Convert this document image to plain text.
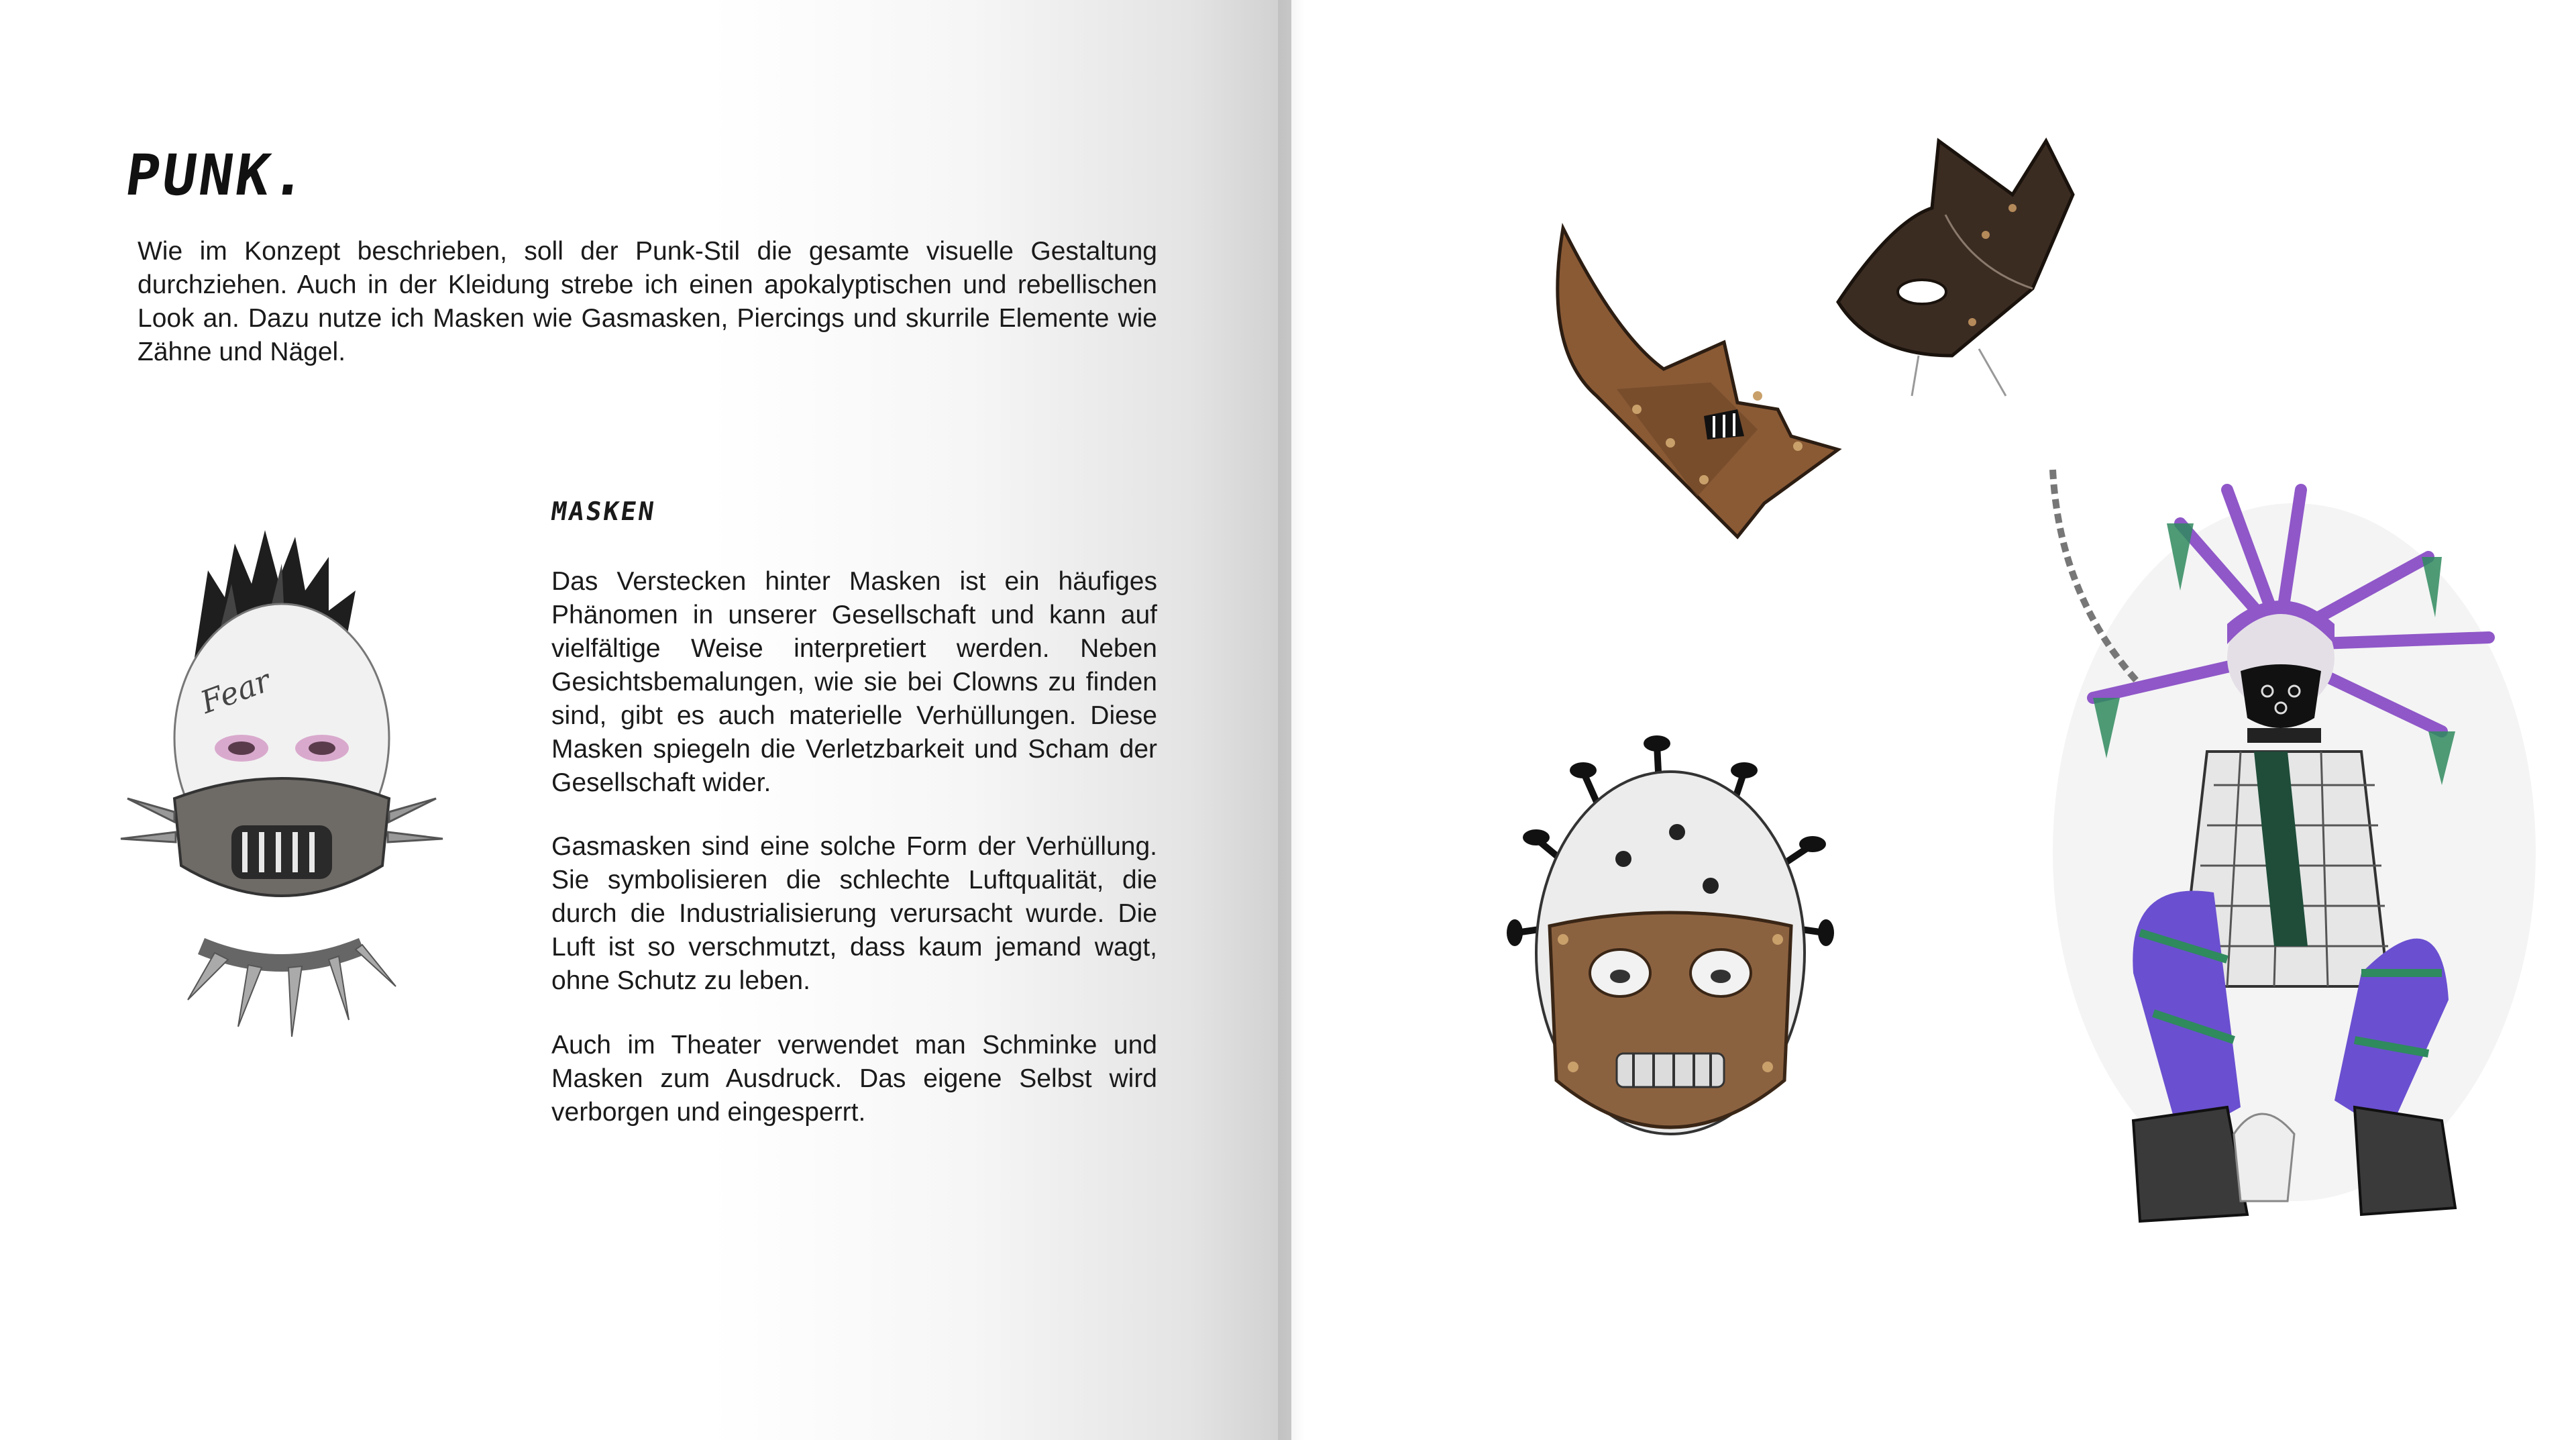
PUNK.
Wie im Konzept beschrieben, soll der Punk-Stil die gesamte visuelle Gestaltung durchziehen. Auch in der Kleidung strebe ich einen apokalyptischen und rebellischen Look an. Dazu nutze ich Masken wie Gasmasken, Piercings und skurrile Elemente wie Zähne und Nägel.
MASKEN
Das Verstecken hinter Masken ist ein häufiges Phänomen in unserer Gesellschaft und kann auf vielfältige Weise interpretiert werden. Neben Gesichtsbemalungen, wie sie bei Clowns zu finden sind, gibt es auch materielle Verhüllungen. Diese Masken spiegeln die Verletzbarkeit und Scham der Gesellschaft wider.
Gasmasken sind eine solche Form der Verhüllung. Sie symbolisieren die schlechte Luftqualität, die durch die Industrialisierung verursacht wurde. Die Luft ist so verschmutzt, dass kaum jemand wagt, ohne Schutz zu leben.
Auch im Theater verwendet man Schminke und Masken zum Ausdruck. Das eigene Selbst wird verborgen und eingesperrt.
Fear
